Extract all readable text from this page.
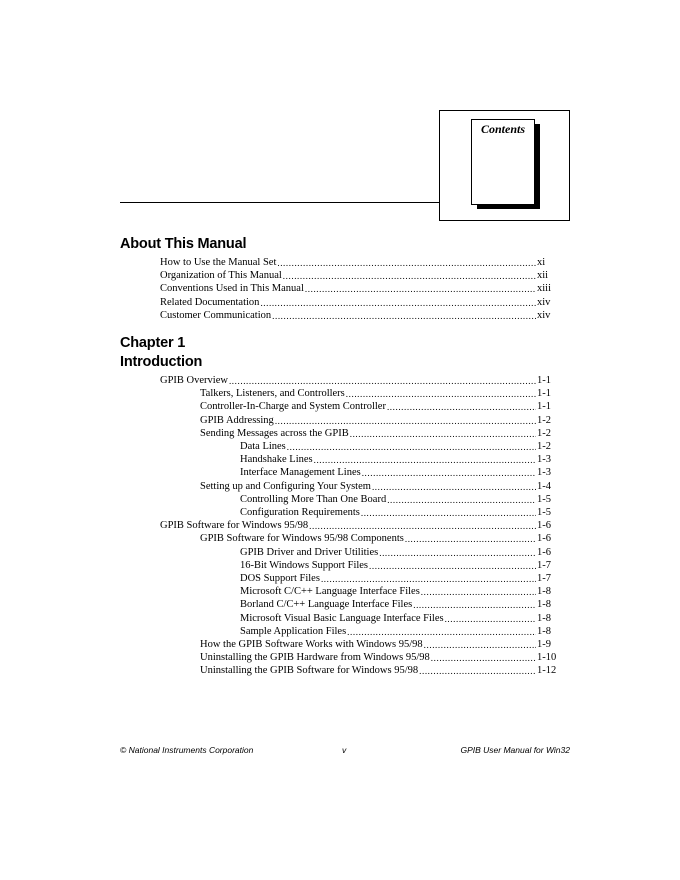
Contents
About This Manual
How to Use the Manual Set .....	xi
Organization of This Manual .....	xii
Conventions Used in This Manual .....	xiii
Related Documentation .....	xiv
Customer Communication .....	xiv
Chapter 1
Introduction
GPIB Overview .....	1-1
Talkers, Listeners, and Controllers .....	1-1
Controller-In-Charge and System Controller .....	1-1
GPIB Addressing .....	1-2
Sending Messages across the GPIB .....	1-2
Data Lines .....	1-2
Handshake Lines .....	1-3
Interface Management Lines .....	1-3
Setting up and Configuring Your System .....	1-4
Controlling More Than One Board .....	1-5
Configuration Requirements .....	1-5
GPIB Software for Windows 95/98 .....	1-6
GPIB Software for Windows 95/98 Components .....	1-6
GPIB Driver and Driver Utilities .....	1-6
16-Bit Windows Support Files .....	1-7
DOS Support Files .....	1-7
Microsoft C/C++ Language Interface Files .....	1-8
Borland C/C++ Language Interface Files .....	1-8
Microsoft Visual Basic Language Interface Files .....	1-8
Sample Application Files .....	1-8
How the GPIB Software Works with Windows 95/98 .....	1-9
Uninstalling the GPIB Hardware from Windows 95/98 .....	1-10
Uninstalling the GPIB Software for Windows 95/98 .....	1-12
© National Instruments Corporation	v	GPIB User Manual for Win32
